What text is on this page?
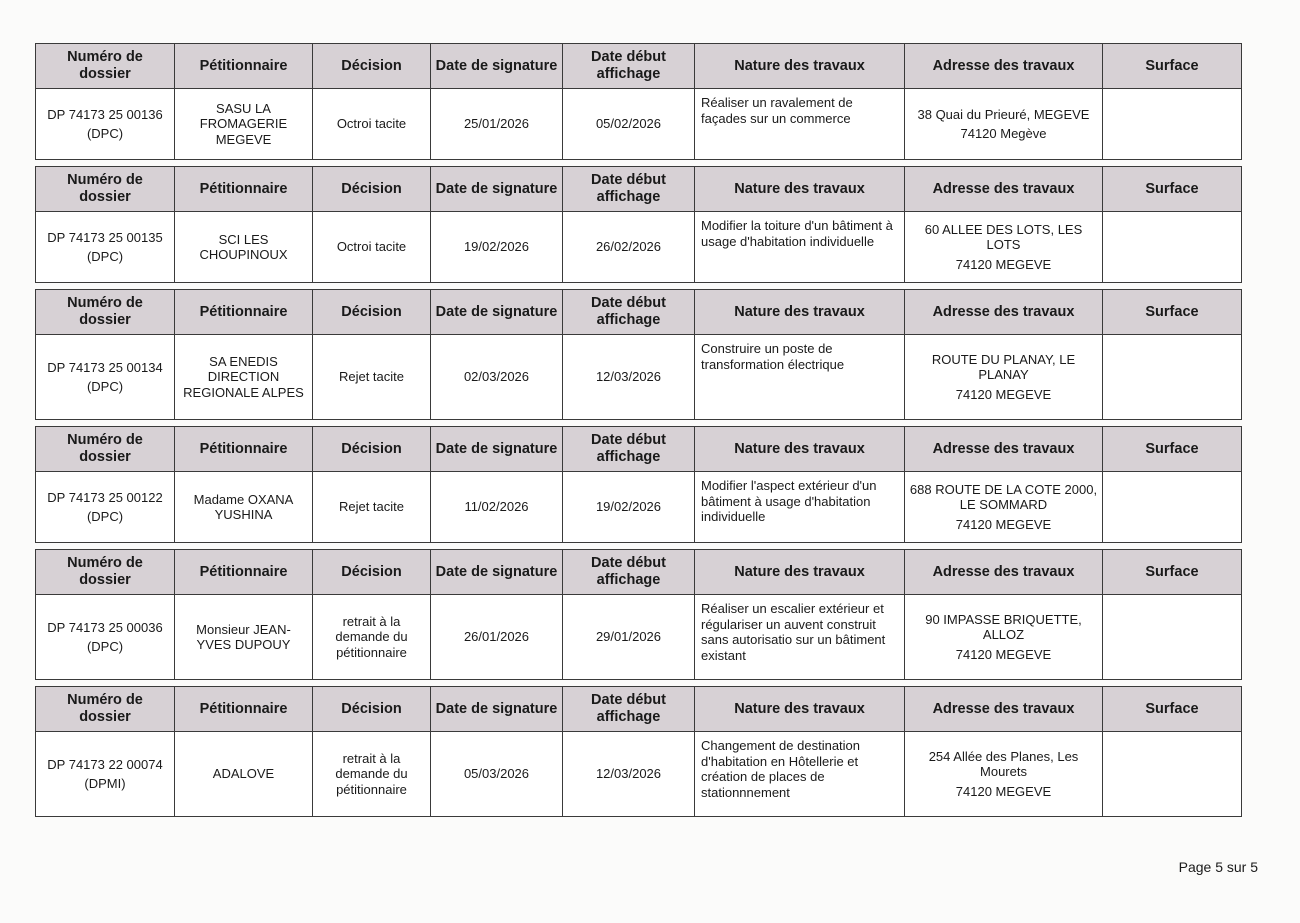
Numéro de dossier	Pétitionnaire	Décision	Date de signature	Date début affichage	Nature des travaux	Adresse des travaux	Surface

DP 74173 25 00136
(DPC)	SASU LA FROMAGERIE MEGEVE	Octroi tacite	25/01/2026	05/02/2026	Réaliser un ravalement de façades sur un commerce	38 Quai du Prieuré, MEGEVE
74120 Megève	

Numéro de dossier	Pétitionnaire	Décision	Date de signature	Date début affichage	Nature des travaux	Adresse des travaux	Surface

DP 74173 25 00135
(DPC)	SCI LES CHOUPINOUX	Octroi tacite	19/02/2026	26/02/2026	Modifier la toiture d'un bâtiment à usage d'habitation individuelle	60 ALLEE DES LOTS, LES LOTS
74120 MEGEVE	

Numéro de dossier	Pétitionnaire	Décision	Date de signature	Date début affichage	Nature des travaux	Adresse des travaux	Surface

DP 74173 25 00134
(DPC)	SA ENEDIS DIRECTION REGIONALE ALPES	Rejet tacite	02/03/2026	12/03/2026	Construire un poste de transformation électrique	ROUTE DU PLANAY, LE PLANAY
74120 MEGEVE	

Numéro de dossier	Pétitionnaire	Décision	Date de signature	Date début affichage	Nature des travaux	Adresse des travaux	Surface

DP 74173 25 00122
(DPC)	Madame OXANA YUSHINA	Rejet tacite	11/02/2026	19/02/2026	Modifier l'aspect extérieur d'un bâtiment à usage d'habitation individuelle	688 ROUTE DE LA COTE 2000, LE SOMMARD
74120 MEGEVE	

Numéro de dossier	Pétitionnaire	Décision	Date de signature	Date début affichage	Nature des travaux	Adresse des travaux	Surface

DP 74173 25 00036
(DPC)	Monsieur JEAN-YVES DUPOUY	retrait à la demande du pétitionnaire	26/01/2026	29/01/2026	Réaliser un escalier extérieur et régulariser un auvent construit sans autorisatio sur un bâtiment existant	90 IMPASSE BRIQUETTE, ALLOZ
74120 MEGEVE	

Numéro de dossier	Pétitionnaire	Décision	Date de signature	Date début affichage	Nature des travaux	Adresse des travaux	Surface

DP 74173 22 00074
(DPMI)	ADALOVE	retrait à la demande du pétitionnaire	05/03/2026	12/03/2026	Changement de destination d'habitation en Hôtellerie et création de places de stationnnement	254 Allée des Planes, Les Mourets
74120 MEGEVE	

Page 5 sur 5
